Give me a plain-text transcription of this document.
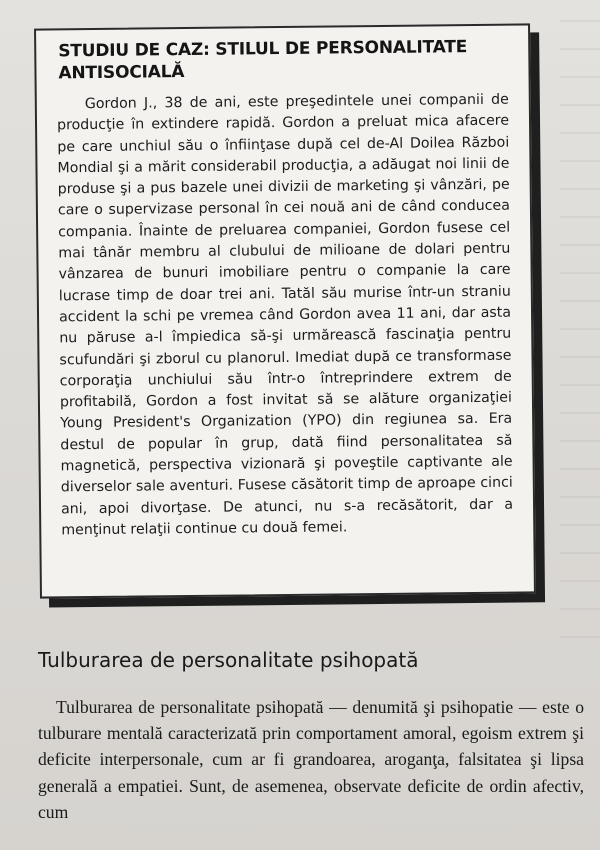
STUDIU DE CAZ: STILUL DE PERSONALITATE ANTISOCIALĂ

Gordon J., 38 de ani, este preşedintele unei companii de producţie în extindere rapidă. Gordon a preluat mica afacere pe care unchiul său o înfiinţase după cel de-Al Doilea Război Mondial şi a mărit considerabil producţia, a adăugat noi linii de produse şi a pus bazele unei divizii de marketing şi vânzări, pe care o supervizase personal în cei nouă ani de când conducea compania. Înainte de preluarea companiei, Gordon fusese cel mai tânăr membru al clubului de milioane de dolari pentru vânzarea de bunuri imobiliare pentru o companie la care lucrase timp de doar trei ani. Tatăl său murise într-un straniu accident la schi pe vremea când Gordon avea 11 ani, dar asta nu păruse a-l împiedica să-şi urmărească fascinaţia pentru scufundări şi zborul cu planorul. Imediat după ce transformase corporaţia unchiului său într-o întreprindere extrem de profitabilă, Gordon a fost invitat să se alăture organizaţiei Young President's Organization (YPO) din regiunea sa. Era destul de popular în grup, dată fiind personalitatea să magnetică, perspectiva vizionară şi poveştile captivante ale diverselor sale aventuri. Fusese căsătorit timp de aproape cinci ani, apoi divorţase. De atunci, nu s-a recăsătorit, dar a menţinut relaţii continue cu două femei.

Tulburarea de personalitate psihopată

Tulburarea de personalitate psihopată — denumită şi psihopatie — este o tulburare mentală caracterizată prin comportament amoral, egoism extrem şi deficite interpersonale, cum ar fi grandoarea, aroganţa, falsitatea şi lipsa generală a empatiei. Sunt, de asemenea, observate deficite de ordin afectiv, cum
